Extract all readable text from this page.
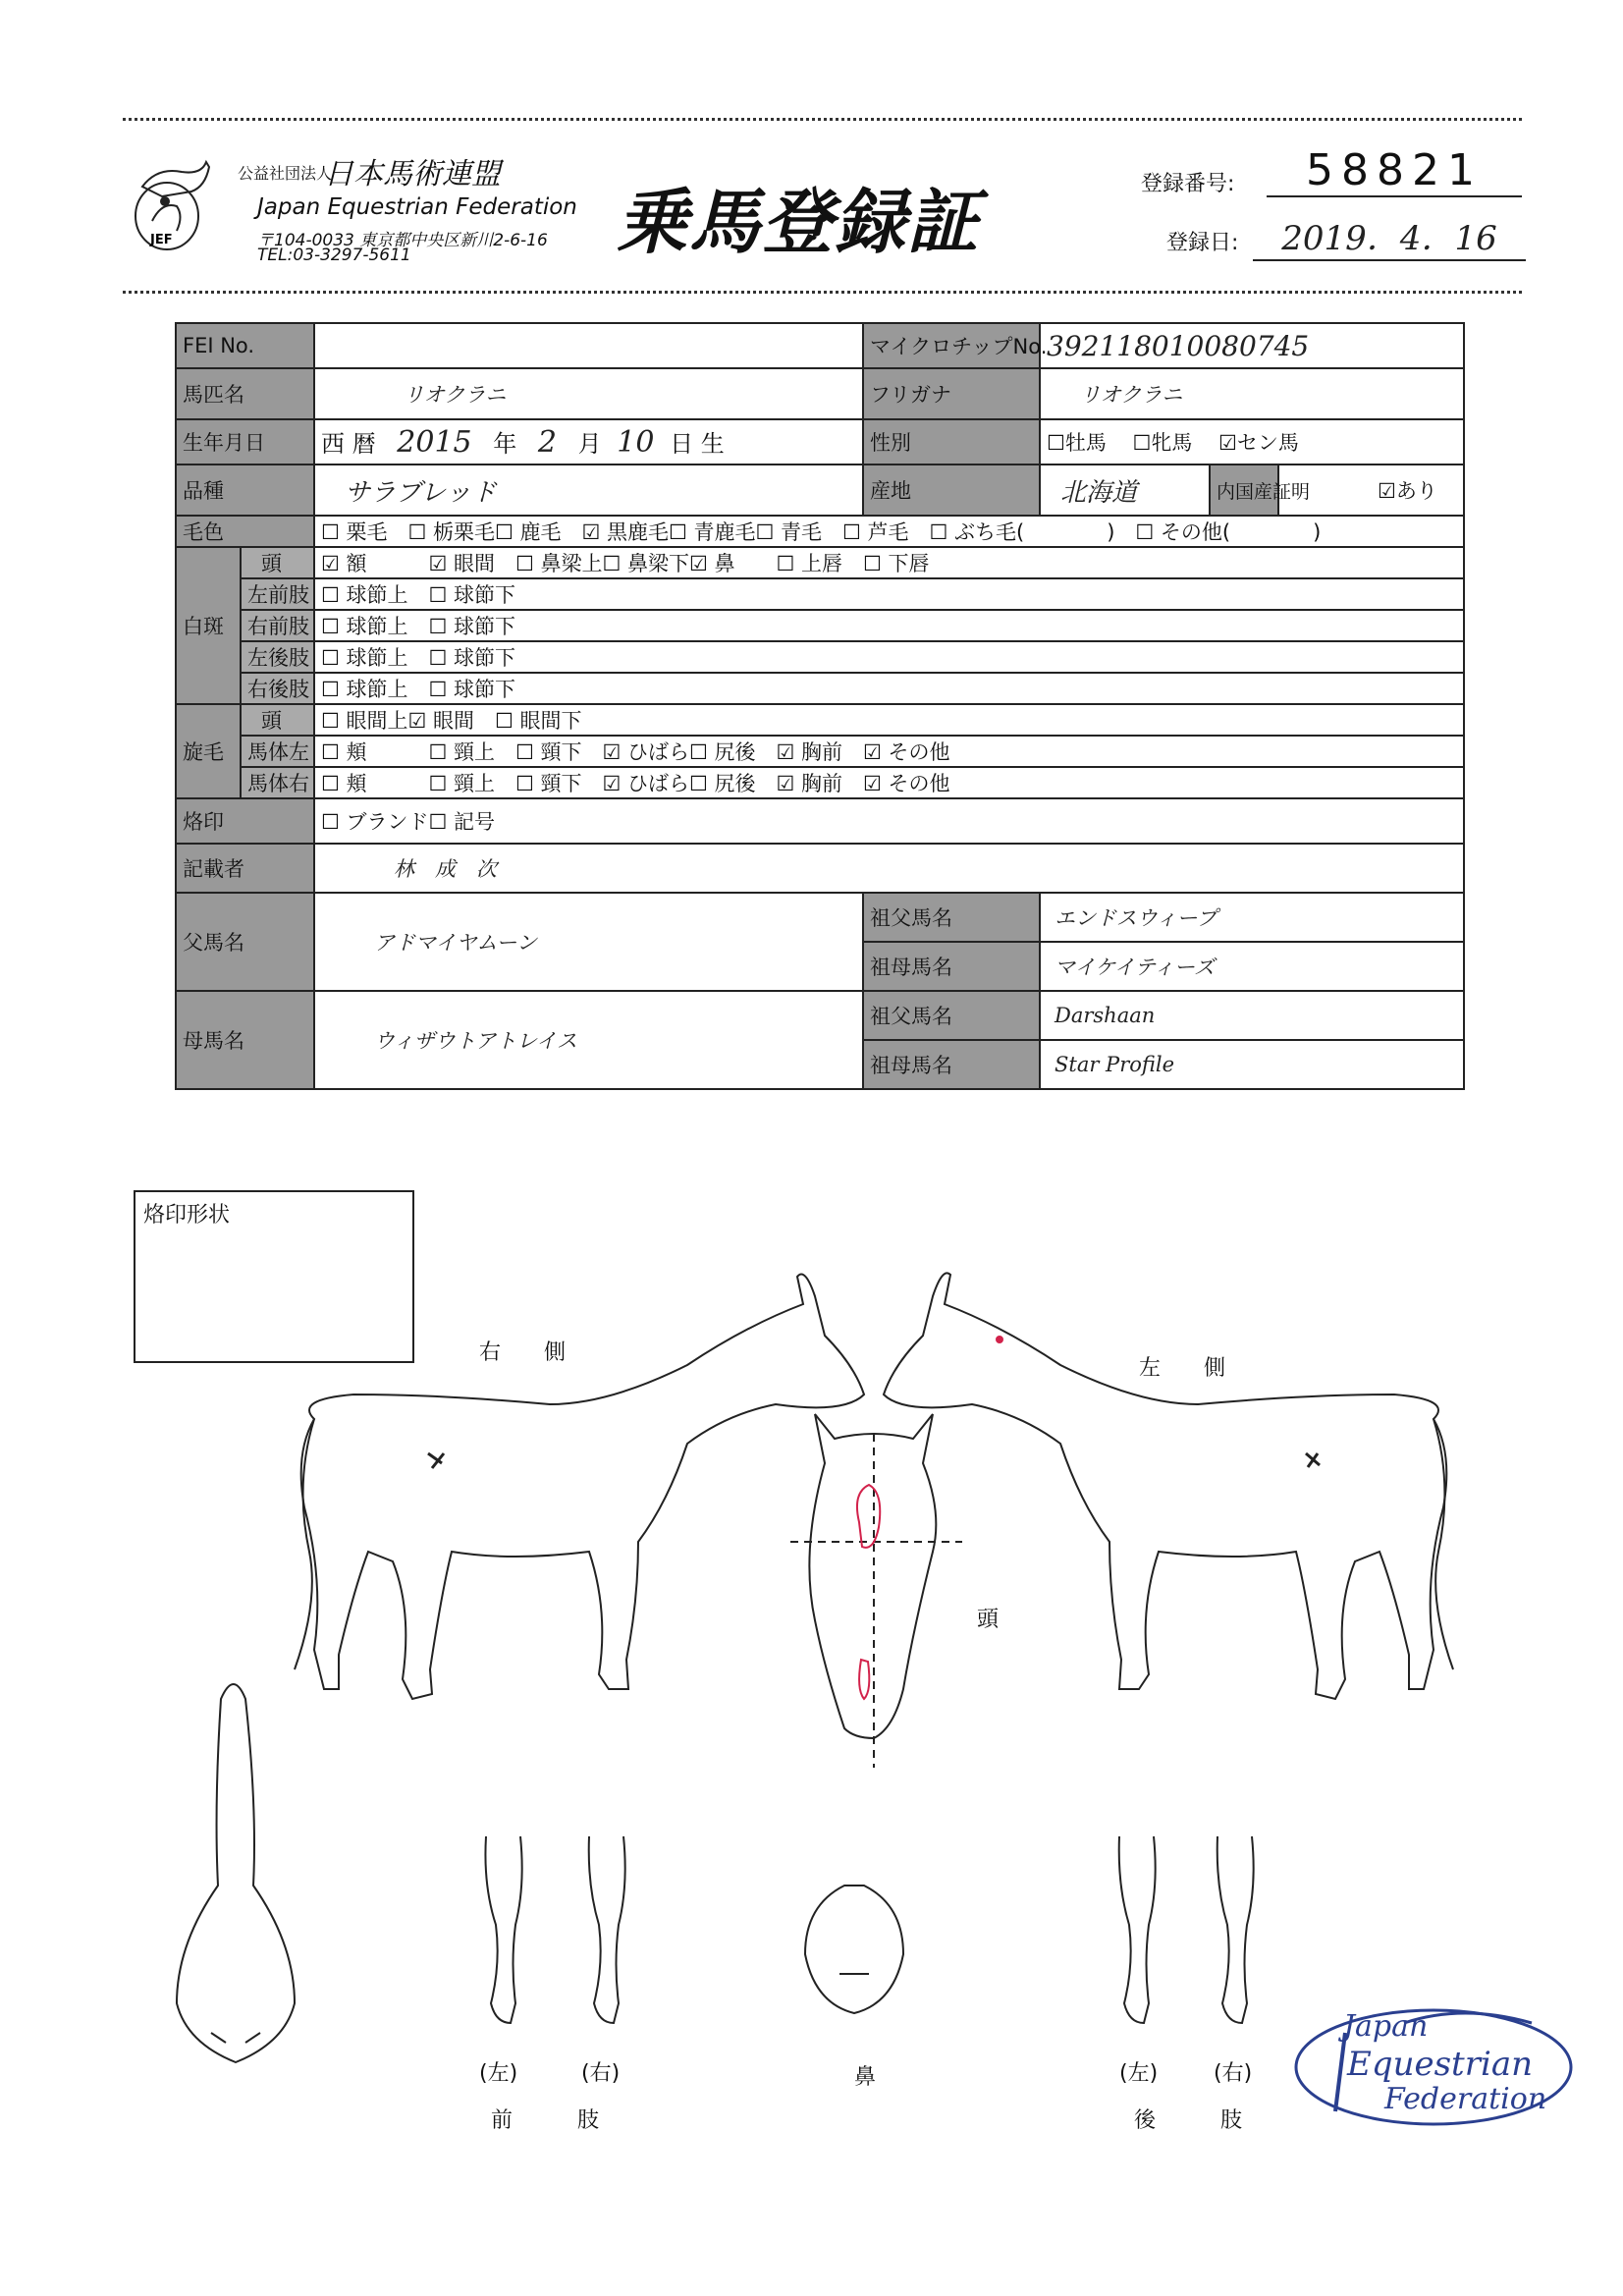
JEF
公益社団法人
日本馬術連盟
Japan Equestrian Federation
〒104-0033 東京都中央区新川2-6-16
TEL:03-3297-5611	乗馬登録証	登録番号:	58821
登録日:	2019．4．16
FEI No.			マイクロチップNo.	392118010080745		
馬匹名		リオクラニ	フリガナ	リオクラニ		
生年月日		西 暦 2015 年 2 月 10 日 生	性別	☐牡馬 ☐牝馬 ☑セン馬		
品種		サラブレッド	産地	北海道	内国産証明	☑あり
毛色		☐ 栗毛　☐ 栃栗毛☐ 鹿毛　☑ 黒鹿毛☐ 青鹿毛☐ 青毛　☐ 芦毛　☐ ぶち毛(　　　　)　☐ その他(　　　　)				
白斑	頭	☑ 額　　　☑ 眼間　☐ 鼻梁上☐ 鼻梁下☑ 鼻　　☐ 上唇　☐ 下唇				
	左前肢	☐ 球節上　☐ 球節下				
	右前肢	☐ 球節上　☐ 球節下				
	左後肢	☐ 球節上　☐ 球節下				
	右後肢	☐ 球節上　☐ 球節下				
旋毛	頭	☐ 眼間上☑ 眼間　☐ 眼間下				
	馬体左	☐ 頬　　　☐ 頸上　☐ 頸下　☑ ひばら☐ 尻後　☑ 胸前　☑ その他				
	馬体右	☐ 頬　　　☐ 頸上　☐ 頸下　☑ ひばら☐ 尻後　☑ 胸前　☑ その他				
烙印		☐ ブランド☐ 記号				
記載者		林　成　次				
父馬名		アドマイヤムーン	祖父馬名	エンドスウィープ		
			祖母馬名	マイケイティーズ		
母馬名		ウィザウトアトレイス	祖父馬名	Darshaan		
			祖母馬名	Star Profile		
烙印形状
右　　側
左　　側
頭
鼻
(左)	(右)
前　　　肢
(左)	(右)
後　　　肢
Japan
Equestrian
Federation
